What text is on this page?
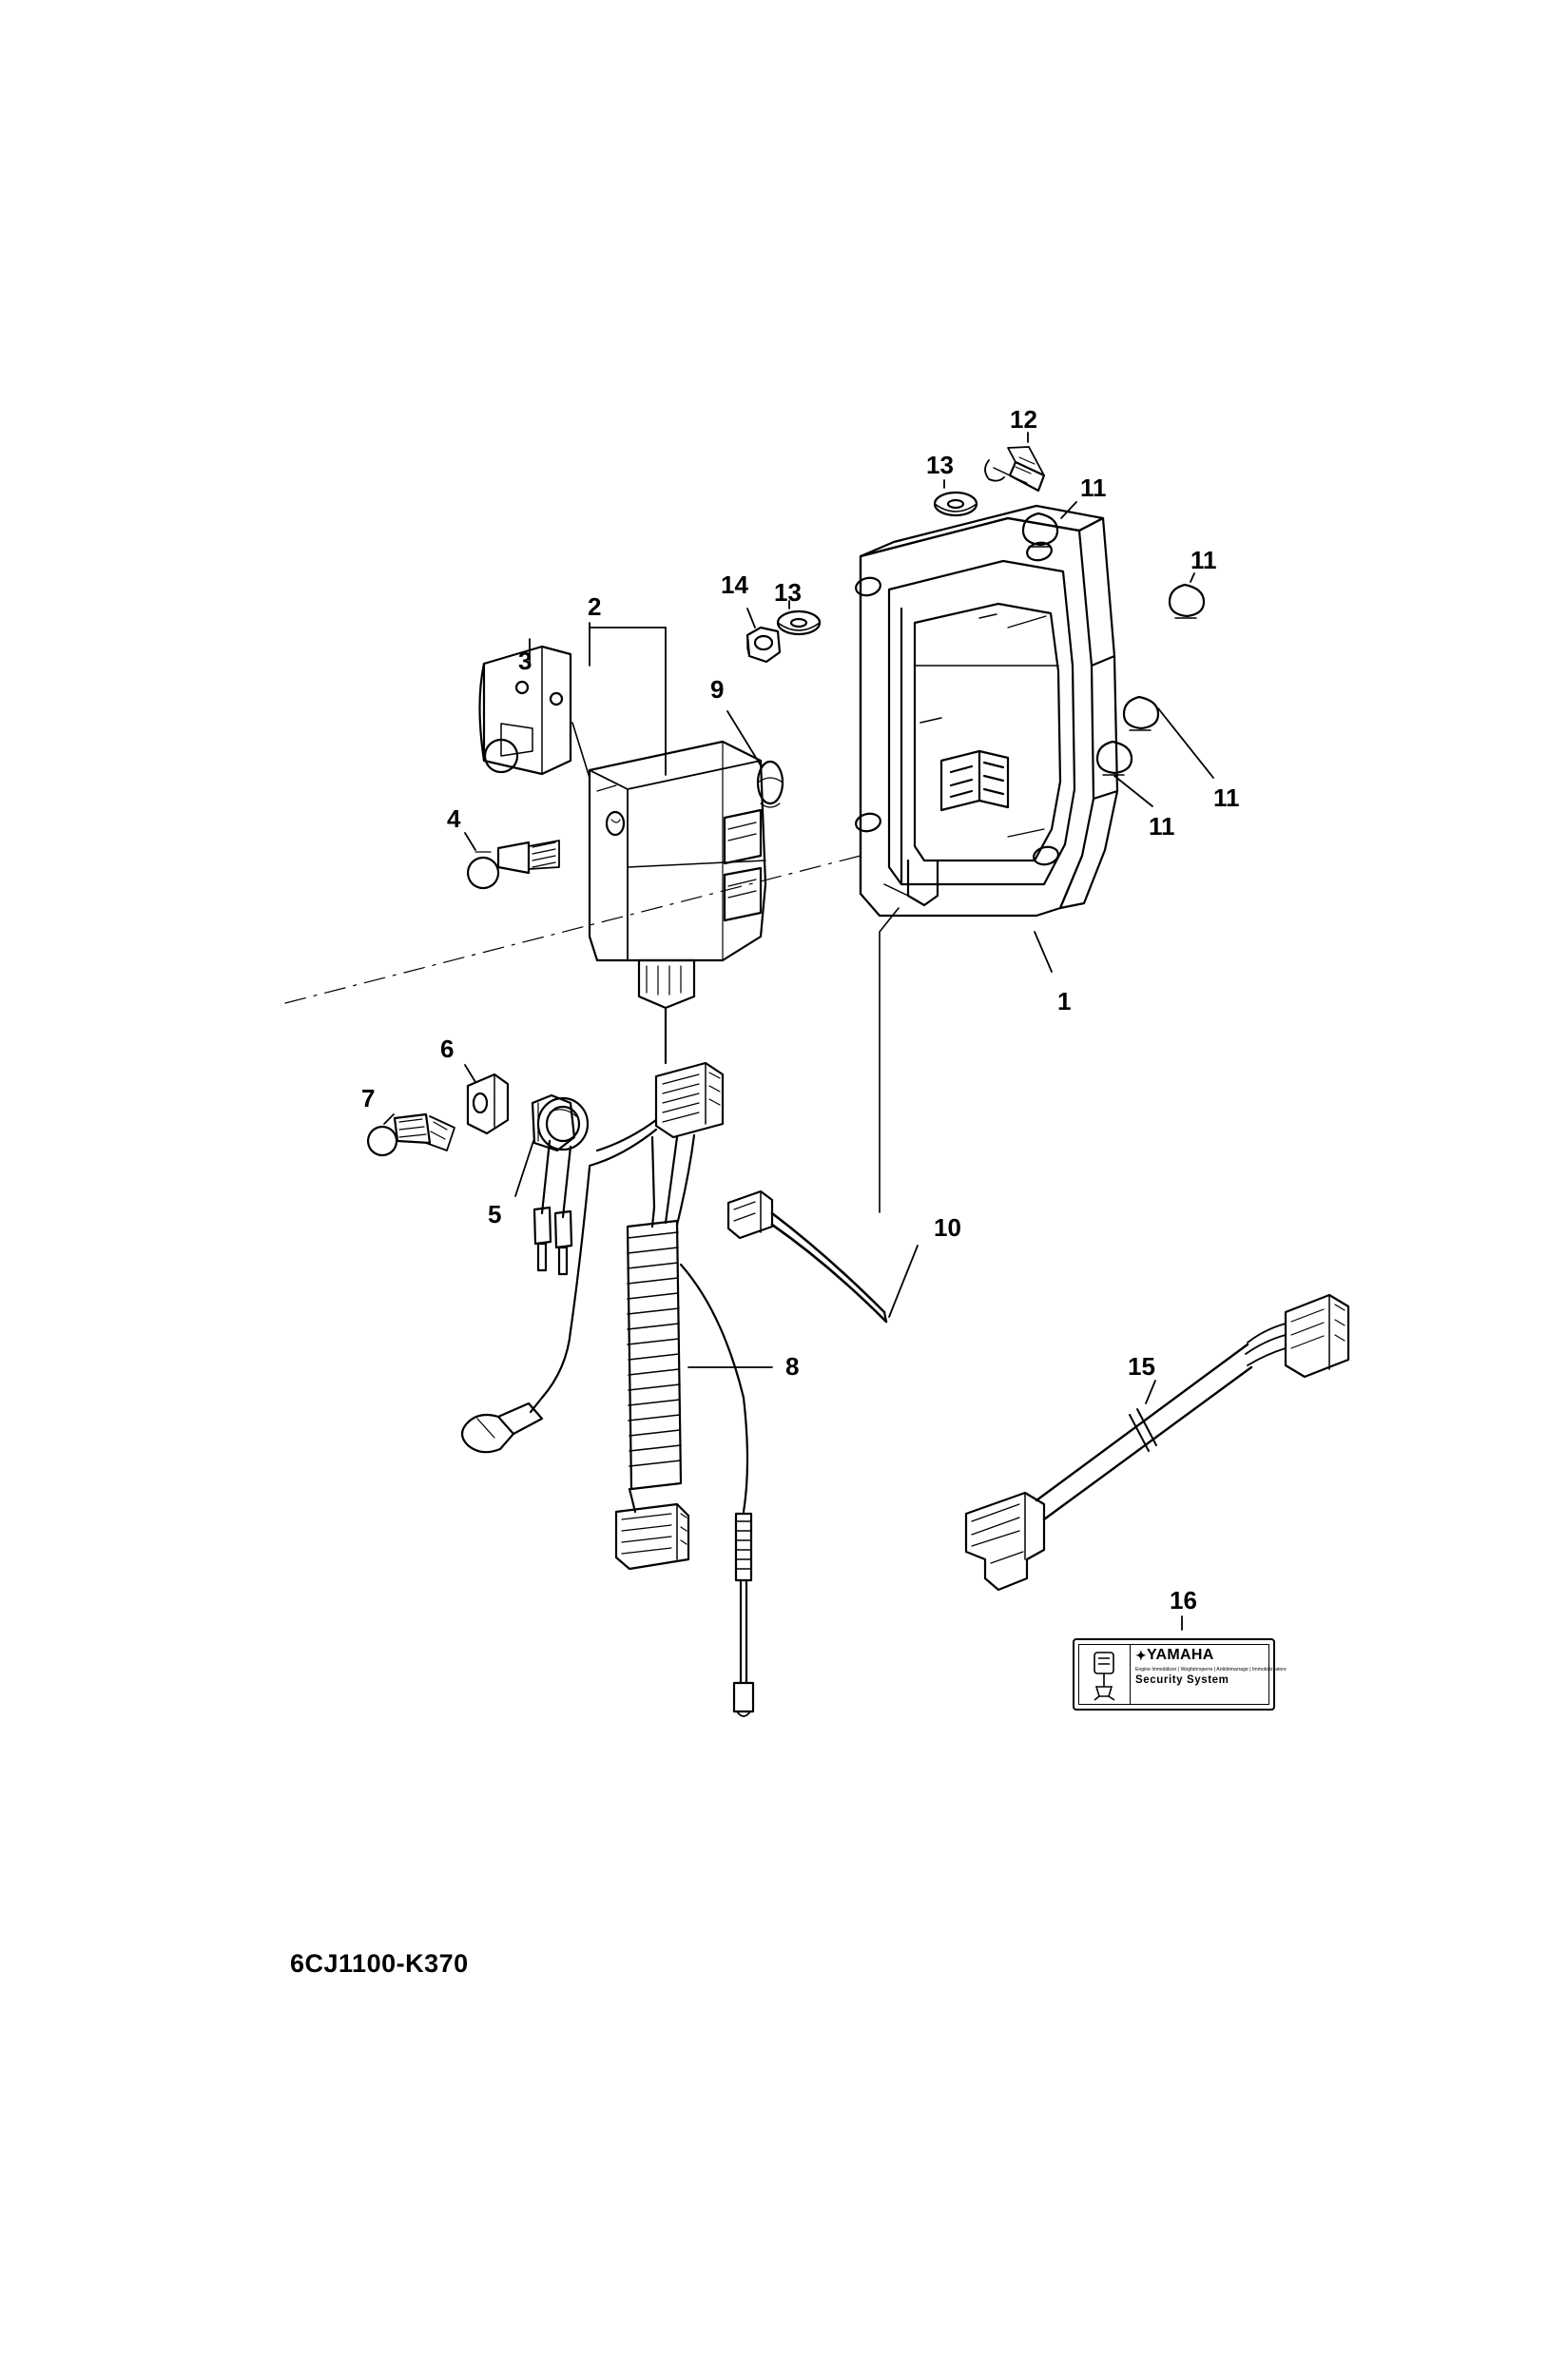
1
2
3
4
5
6
7
8
9
10
11
11
11
11
12
13
13
14
15
16
✦YAMAHA
Engine Immobilizer | Wegfahrsperre | Antidémarrage | Immobilizzatore
Security System
6CJ1100-K370
